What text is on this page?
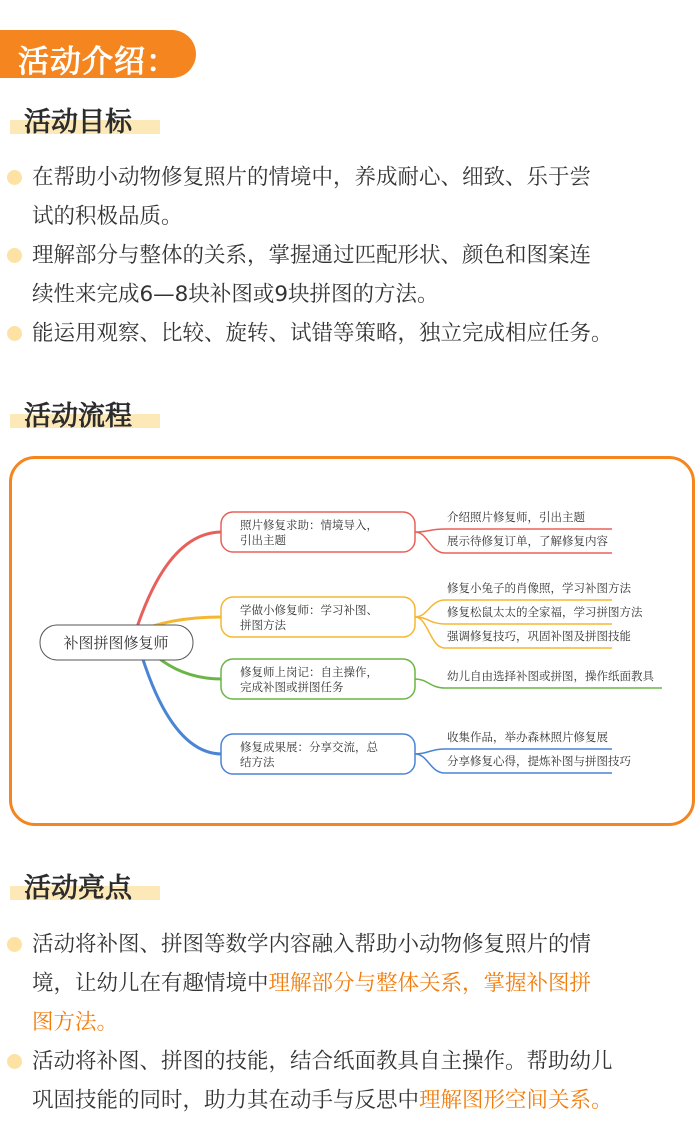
活动介绍：
活动目标
在帮助小动物修复照片的情境中，养成耐心、细致、乐于尝
试的积极品质。
理解部分与整体的关系，掌握通过匹配形状、颜色和图案连
续性来完成6—8块补图或9块拼图的方法。
能运用观察、比较、旋转、试错等策略，独立完成相应任务。
活动流程
补图拼图修复师
照片修复求助：情境导入，
引出主题
介绍照片修复师，引出主题
展示待修复订单，了解修复内容
学做小修复师：学习补图、
拼图方法
修复小兔子的肖像照，学习补图方法
修复松鼠太太的全家福，学习拼图方法
强调修复技巧，巩固补图及拼图技能
修复师上岗记：自主操作，
完成补图或拼图任务
幼儿自由选择补图或拼图，操作纸面教具
修复成果展：分享交流，总
结方法
收集作品，举办森林照片修复展
分享修复心得，提炼补图与拼图技巧
活动亮点
活动将补图、拼图等数学内容融入帮助小动物修复照片的情
境，让幼儿在有趣情境中理解部分与整体关系，掌握补图拼
图方法。
活动将补图、拼图的技能，结合纸面教具自主操作。帮助幼儿
巩固技能的同时，助力其在动手与反思中理解图形空间关系。
